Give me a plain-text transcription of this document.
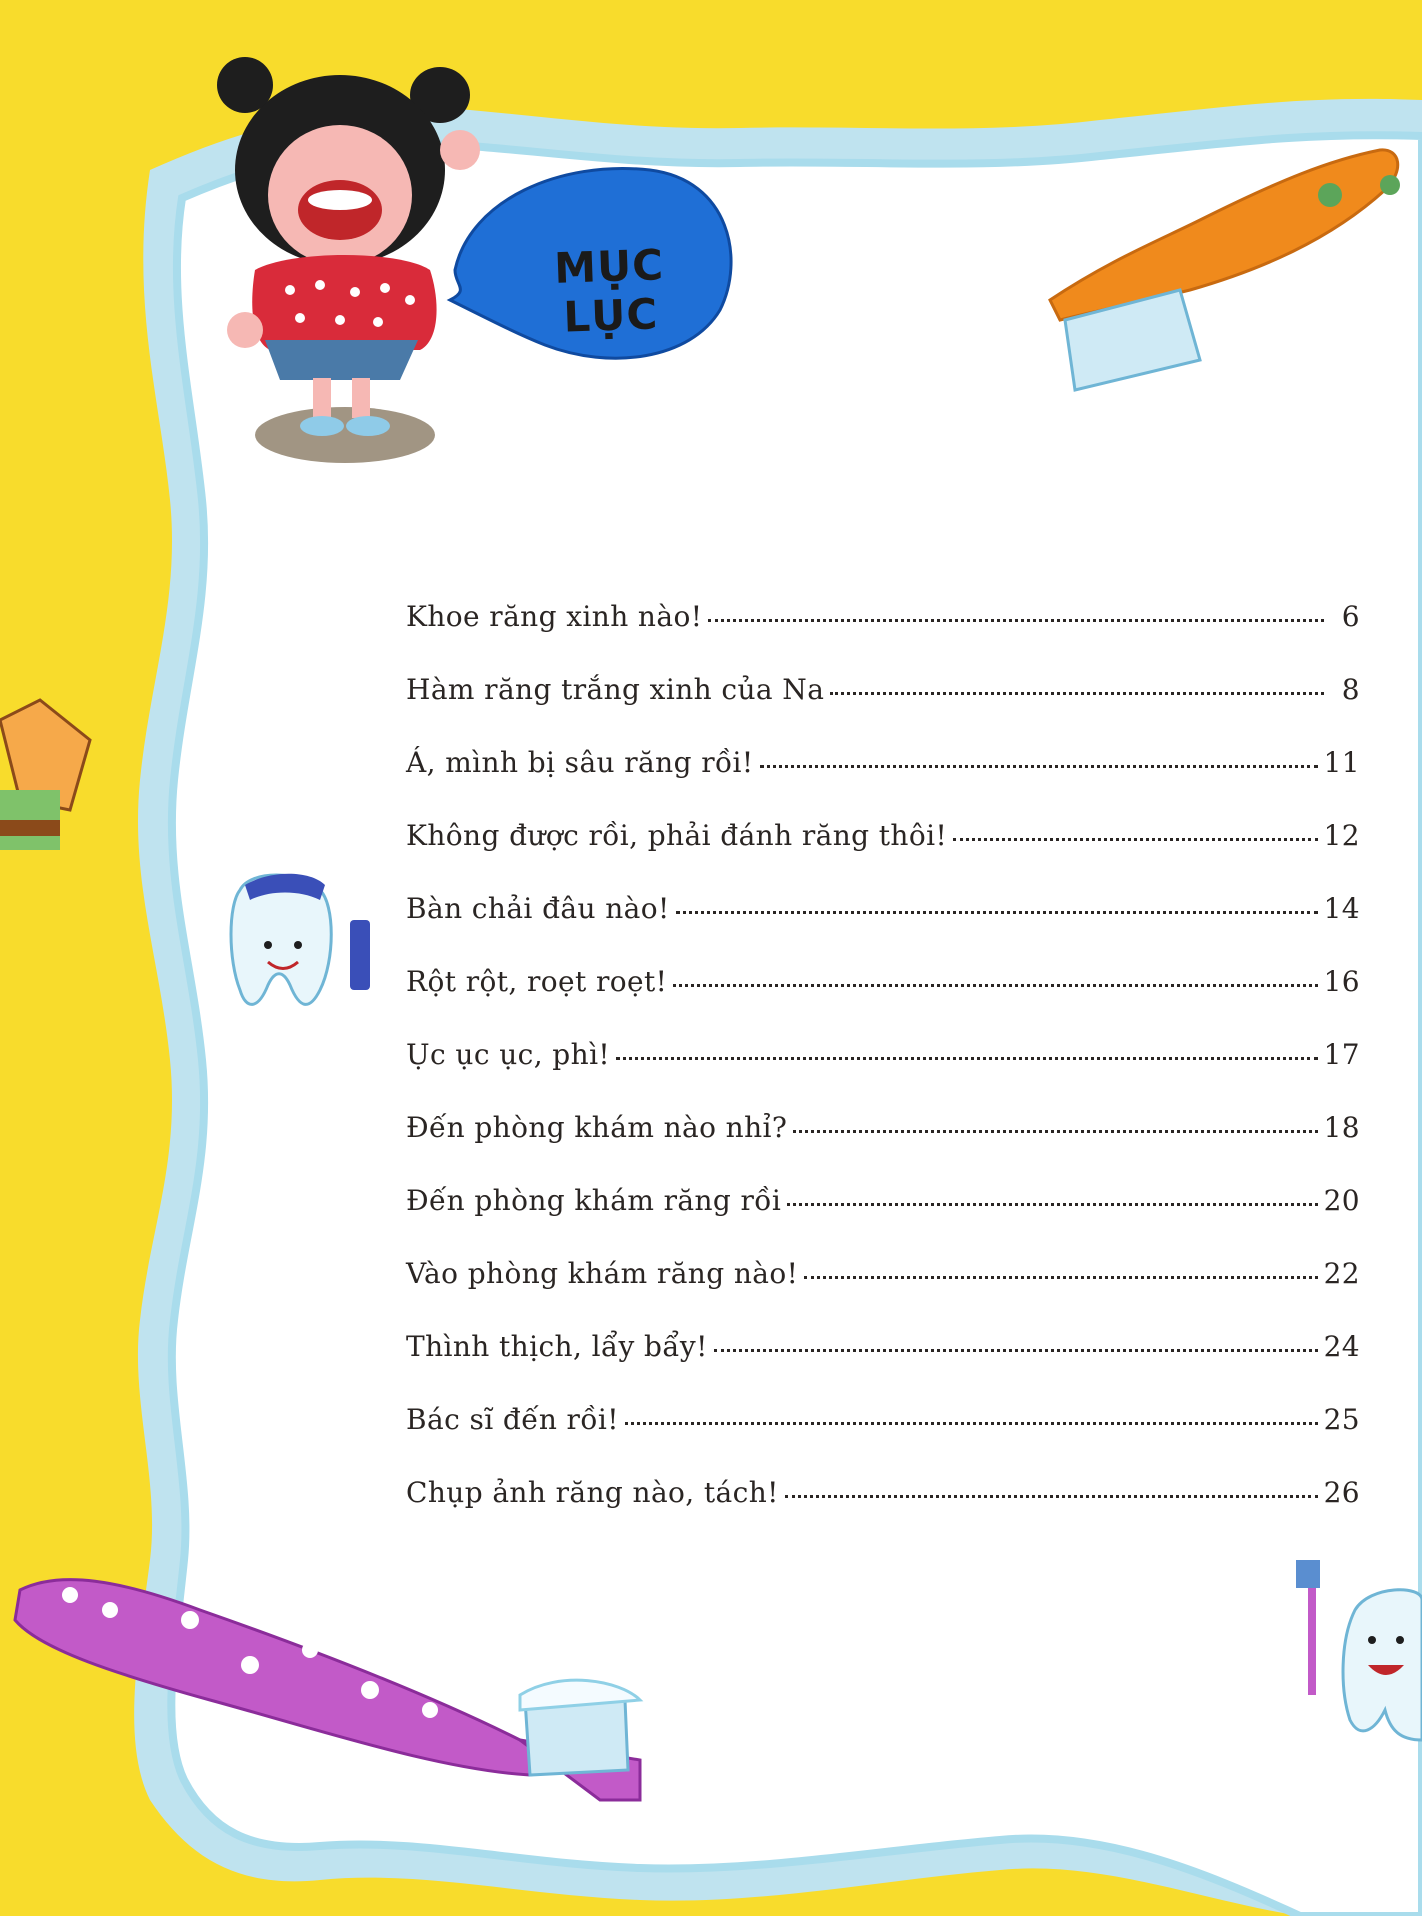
MỤC LỤC
Khoe răng xinh nào!	6
Hàm răng trắng xinh của Na	8
Á, mình bị sâu răng rồi!	11
Không được rồi, phải đánh răng thôi!	12
Bàn chải đâu nào!	14
Rột rột, roẹt roẹt!	16
Ục ục ục, phì!	17
Đến phòng khám nào nhỉ?	18
Đến phòng khám răng rồi	20
Vào phòng khám răng nào!	22
Thình thịch, lẩy bẩy!	24
Bác sĩ đến rồi!	25
Chụp ảnh răng nào, tách!	26
